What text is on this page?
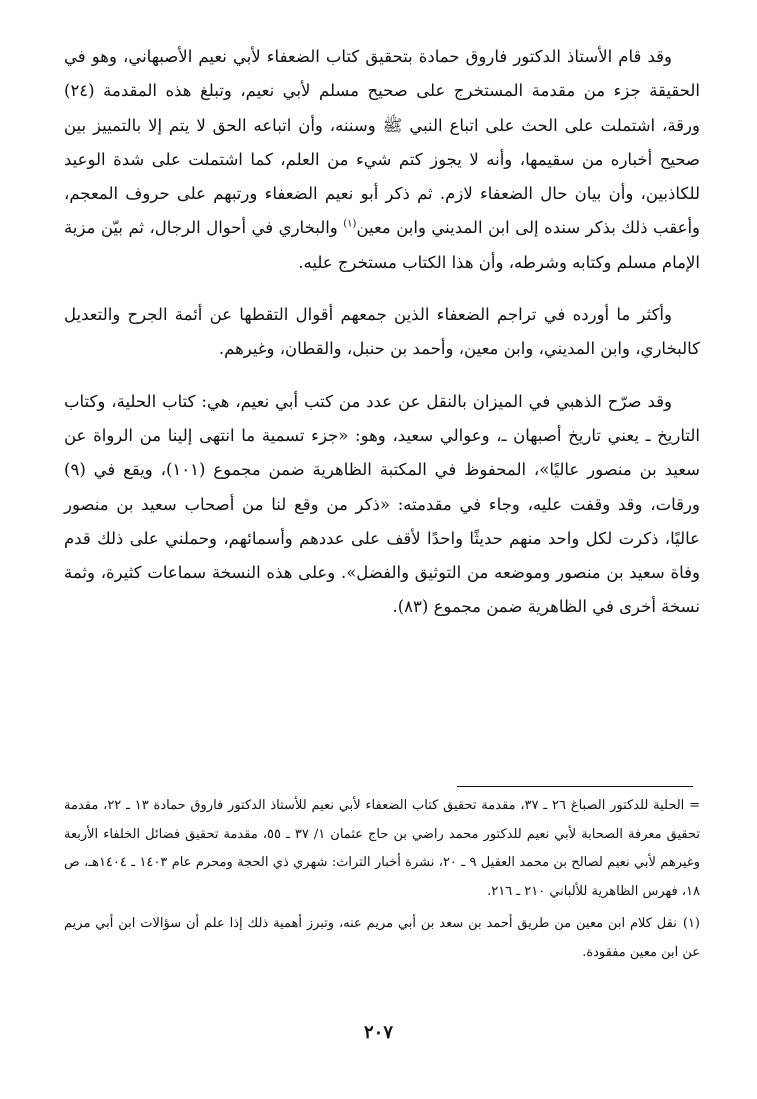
وقد قام الأستاذ الدكتور فاروق حمادة بتحقيق كتاب الضعفاء لأبي نعيم الأصبهاني، وهو في الحقيقة جزء من مقدمة المستخرج على صحيح مسلم لأبي نعيم، وتبلغ هذه المقدمة (٢٤) ورقة، اشتملت على الحث على اتباع النبي ﷺ وسننه، وأن اتباعه الحق لا يتم إلا بالتمييز بين صحيح أخباره من سقيمها، وأنه لا يجوز كتم شيء من العلم، كما اشتملت على شدة الوعيد للكاذبين، وأن بيان حال الضعفاء لازم. ثم ذكر أبو نعيم الضعفاء ورتبهم على حروف المعجم، وأعقب ذلك بذكر سنده إلى ابن المديني وابن معين$^{(١)}$ والبخاري في أحوال الرجال، ثم بيّن مزية الإمام مسلم وكتابه وشرطه، وأن هذا الكتاب مستخرج عليه.

وأكثر ما أورده في تراجم الضعفاء الذين جمعهم أقوال التقطها عن أئمة الجرح والتعديل كالبخاري، وابن المديني، وابن معين، وأحمد بن حنبل، والقطان، وغيرهم.

وقد صرّح الذهبي في الميزان بالنقل عن عدد من كتب أبي نعيم، هي: كتاب الحلية، وكتاب التاريخ ـ يعني تاريخ أصبهان ـ، وعوالي سعيد، وهو: «جزء تسمية ما انتهى إلينا من الرواة عن سعيد بن منصور عاليًا»، المحفوظ في المكتبة الظاهرية ضمن مجموع (١٠١)، ويقع في (٩) ورقات، وقد وقفت عليه، وجاء في مقدمته: «ذكر من وقع لنا من أصحاب سعيد بن منصور عاليًا، ذكرت لكل واحد منهم حديثًا واحدًا لأقف على عددهم وأسمائهم، وحملني على ذلك قدم وفاة سعيد بن منصور وموضعه من التوثيق والفضل». وعلى هذه النسخة سماعات كثيرة، وثمة نسخة أخرى في الظاهرية ضمن مجموع (٨٣).

= الحلية للدكتور الصباغ ٢٦ ـ ٣٧، مقدمة تحقيق كتاب الضعفاء لأبي نعيم للأستاذ الدكتور فاروق حمادة ١٣ ـ ٢٢، مقدمة تحقيق معرفة الصحابة لأبي نعيم للدكتور محمد راضي بن حاج عثمان ١/ ٣٧ ـ ٥٥، مقدمة تحقيق فضائل الخلفاء الأربعة وغيرهم لأبي نعيم لصالح بن محمد العقيل ٩ ـ ٢٠، نشرة أخبار التراث: شهري ذي الحجة ومحرم عام ١٤٠٣ ـ ١٤٠٤هـ، ص ١٨، فهرس الظاهرية للألباني ٢١٠ ـ ٢١٦.

(١)نقل كلام ابن معين من طريق أحمد بن سعد بن أبي مريم عنه، وتبرز أهمية ذلك إذا علم أن سؤالات ابن أبي مريم عن ابن معين مفقودة.

٢٠٧
